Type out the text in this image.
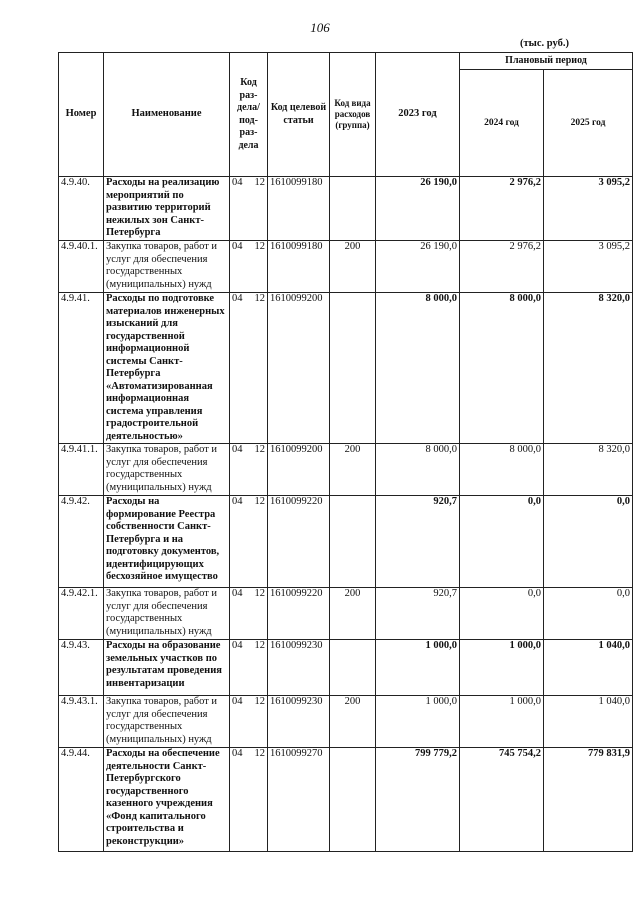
106
(тыс. руб.)
Номер	Наименование	Код раз-дела/ под-раз-дела	Код целевой статьи	Код вида расходов (группа)	2023 год	Плановый период	
						2024 год	2025 год
4.9.40.	Расходы на реализацию мероприятий по развитию территорий нежилых зон Санкт-Петербурга	04 12	1610099180		26 190,0	2 976,2	3 095,2
4.9.40.1.	Закупка товаров, работ и услуг для обеспечения государственных (муниципальных) нужд	04 12	1610099180	200	26 190,0	2 976,2	3 095,2
4.9.41.	Расходы по подготовке материалов инженерных изысканий для государственной информационной системы Санкт-Петербурга «Автоматизированная информационная система управления градостроительной деятельностью»	04 12	1610099200		8 000,0	8 000,0	8 320,0
4.9.41.1.	Закупка товаров, работ и услуг для обеспечения государственных (муниципальных) нужд	04 12	1610099200	200	8 000,0	8 000,0	8 320,0
4.9.42.	Расходы на формирование Реестра собственности Санкт-Петербурга и на подготовку документов, идентифицирующих бесхозяйное имущество	04 12	1610099220		920,7	0,0	0,0
4.9.42.1.	Закупка товаров, работ и услуг для обеспечения государственных (муниципальных) нужд	04 12	1610099220	200	920,7	0,0	0,0
4.9.43.	Расходы на образование земельных участков по результатам проведения инвентаризации	04 12	1610099230		1 000,0	1 000,0	1 040,0
4.9.43.1.	Закупка товаров, работ и услуг для обеспечения государственных (муниципальных) нужд	04 12	1610099230	200	1 000,0	1 000,0	1 040,0
4.9.44.	Расходы на обеспечение деятельности Санкт-Петербургского государственного казенного учреждения «Фонд капитального строительства и реконструкции»	04 12	1610099270		799 779,2	745 754,2	779 831,9
